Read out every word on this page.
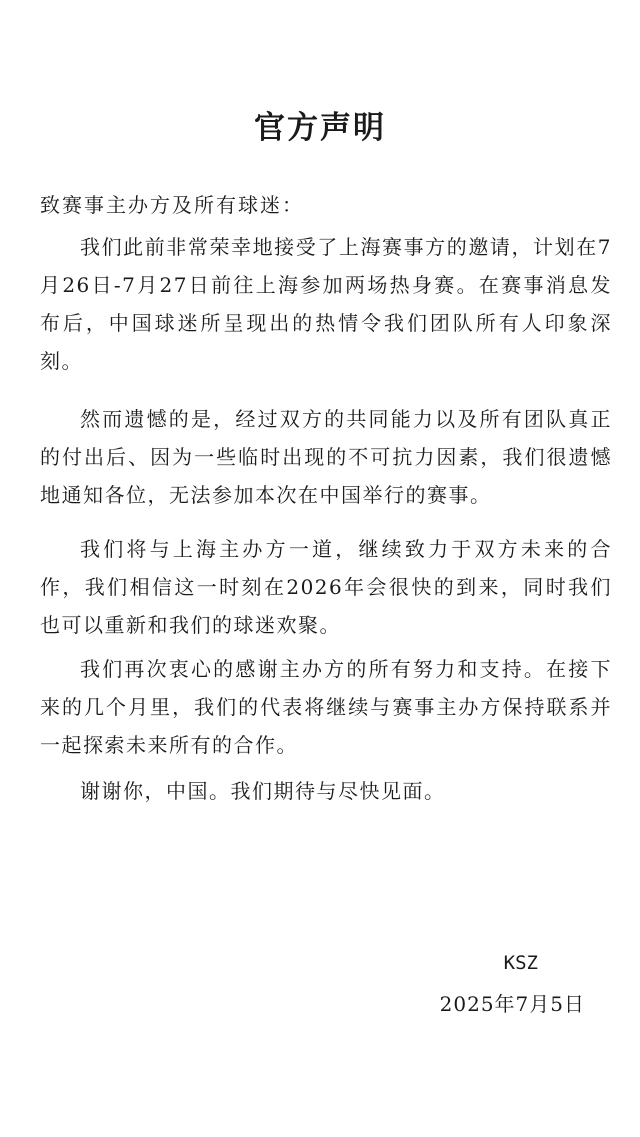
官方声明

致赛事主办方及所有球迷：

我们此前非常荣幸地接受了上海赛事方的邀请，计划在7月26日-7月27日前往上海参加两场热身赛。在赛事消息发布后，中国球迷所呈现出的热情令我们团队所有人印象深刻。

然而遗憾的是，经过双方的共同能力以及所有团队真正的付出后、因为一些临时出现的不可抗力因素，我们很遗憾地通知各位，无法参加本次在中国举行的赛事。

我们将与上海主办方一道，继续致力于双方未来的合作，我们相信这一时刻在2026年会很快的到来，同时我们也可以重新和我们的球迷欢聚。

我们再次衷心的感谢主办方的所有努力和支持。在接下来的几个月里，我们的代表将继续与赛事主办方保持联系并一起探索未来所有的合作。

谢谢你，中国。我们期待与尽快见面。

KSZ

2025年7月5日
